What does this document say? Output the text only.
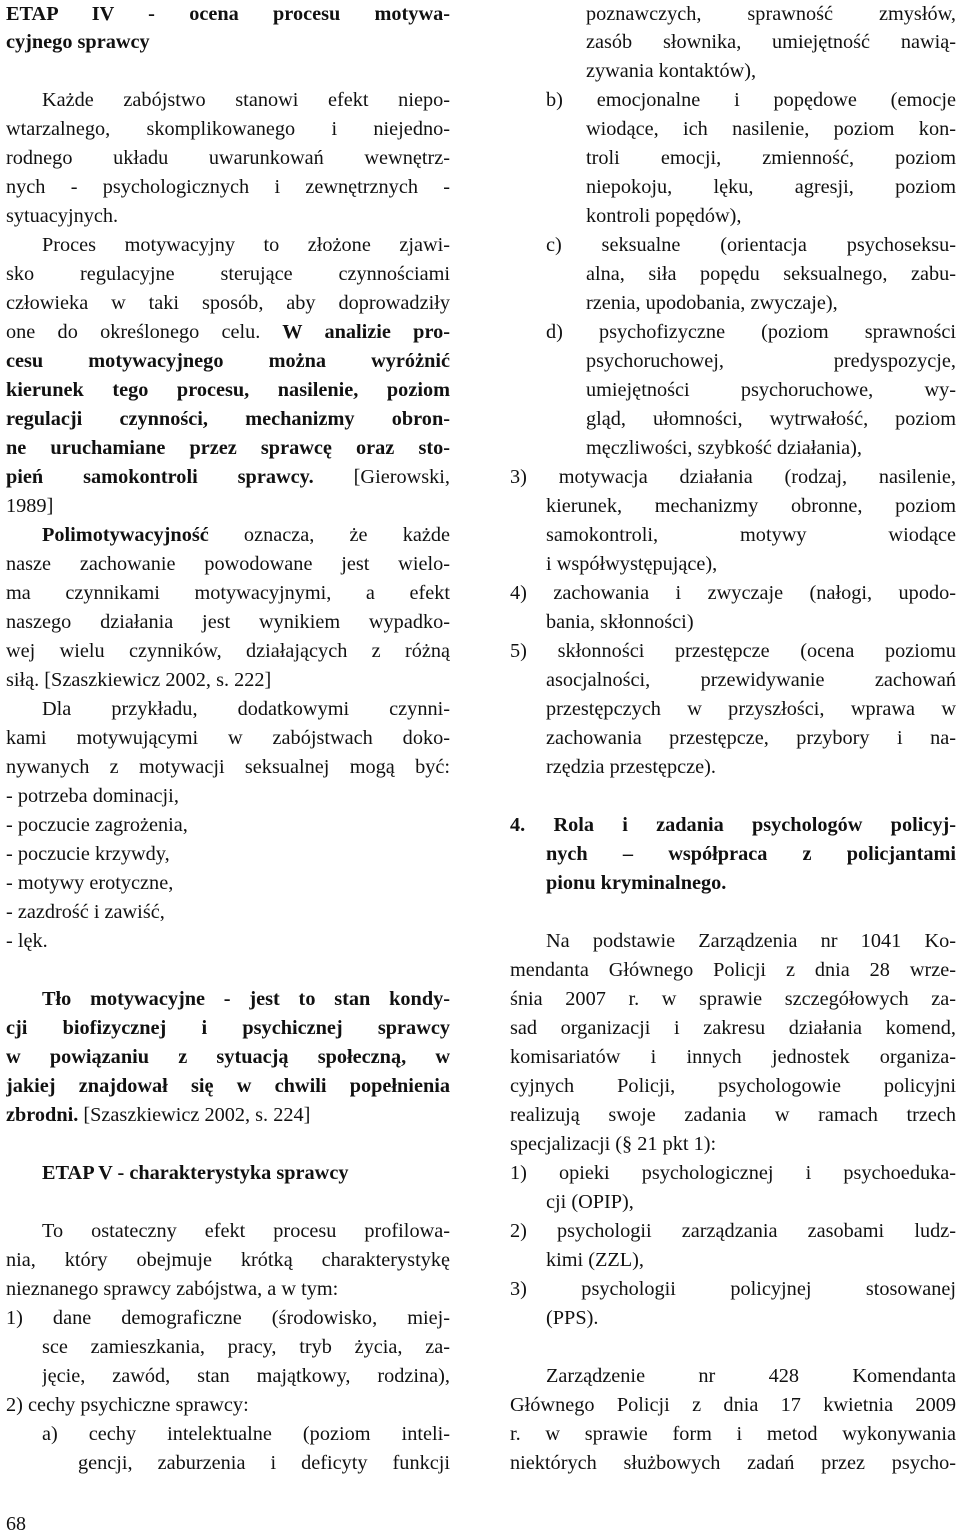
ETAP IV - ocena procesu motywa-
cyjnego sprawcy
Każde zabójstwo stanowi efekt niepo-
wtarzalnego, skomplikowanego i niejedno-
rodnego układu uwarunkowań wewnętrz-
nych - psychologicznych i zewnętrznych -
sytuacyjnych.
Proces motywacyjny to złożone zjawi-
sko regulacyjne sterujące czynnościami
człowieka w taki sposób, aby doprowadziły
one do określonego celu. W analizie pro-
cesu motywacyjnego można wyróżnić
kierunek tego procesu, nasilenie, poziom
regulacji czynności, mechanizmy obron-
ne uruchamiane przez sprawcę oraz sto-
pień samokontroli sprawcy. [Gierowski,
1989]
Polimotywacyjność oznacza, że każde
nasze zachowanie powodowane jest wielo-
ma czynnikami motywacyjnymi, a efekt
naszego działania jest wynikiem wypadko-
wej wielu czynników, działających z różną
siłą. [Szaszkiewicz 2002, s. 222]
Dla przykładu, dodatkowymi czynni-
kami motywującymi w zabójstwach doko-
nywanych z motywacji seksualnej mogą być:
- potrzeba dominacji,
- poczucie zagrożenia,
- poczucie krzywdy,
- motywy erotyczne,
- zazdrość i zawiść,
- lęk.
Tło motywacyjne - jest to stan kondy-
cji biofizycznej i psychicznej sprawcy
w powiązaniu z sytuacją społeczną, w
jakiej znajdował się w chwili popełnienia
zbrodni. [Szaszkiewicz 2002, s. 224]
ETAP V - charakterystyka sprawcy
To ostateczny efekt procesu profilowa-
nia, który obejmuje krótką charakterystykę
nieznanego sprawcy zabójstwa, a w tym:
1) dane demograficzne (środowisko, miej-
sce zamieszkania, pracy, tryb życia, za-
jęcie, zawód, stan majątkowy, rodzina),
2) cechy psychiczne sprawcy:
a) cechy intelektualne (poziom inteli-
gencji, zaburzenia i deficyty funkcji
poznawczych, sprawność zmysłów,
zasób słownika, umiejętność nawią-
zywania kontaktów),
b) emocjonalne i popędowe (emocje
wiodące, ich nasilenie, poziom kon-
troli emocji, zmienność, poziom
niepokoju, lęku, agresji, poziom
kontroli popędów),
c) seksualne (orientacja psychoseksu-
alna, siła popędu seksualnego, zabu-
rzenia, upodobania, zwyczaje),
d) psychofizyczne (poziom sprawności
psychoruchowej, predyspozycje,
umiejętności psychoruchowe, wy-
gląd, ułomności, wytrwałość, poziom
męczliwości, szybkość działania),
3) motywacja działania (rodzaj, nasilenie,
kierunek, mechanizmy obronne, poziom
samokontroli, motywy wiodące
i współwystępujące),
4) zachowania i zwyczaje (nałogi, upodo-
bania, skłonności)
5) skłonności przestępcze (ocena poziomu
asocjalności, przewidywanie zachowań
przestępczych w przyszłości, wprawa w
zachowania przestępcze, przybory i na-
rzędzia przestępcze).
4. Rola i zadania psychologów policyj-
nych – współpraca z policjantami
pionu kryminalnego.
Na podstawie Zarządzenia nr 1041 Ko-
mendanta Głównego Policji z dnia 28 wrze-
śnia 2007 r. w sprawie szczegółowych za-
sad organizacji i zakresu działania komend,
komisariatów i innych jednostek organiza-
cyjnych Policji, psychologowie policyjni
realizują swoje zadania w ramach trzech
specjalizacji (§ 21 pkt 1):
1) opieki psychologicznej i psychoeduka-
cji (OPIP),
2) psychologii zarządzania zasobami ludz-
kimi (ZZL),
3) psychologii policyjnej stosowanej
(PPS).
Zarządzenie nr 428 Komendanta
Głównego Policji z dnia 17 kwietnia 2009
r. w sprawie form i metod wykonywania
niektórych służbowych zadań przez psycho-
68
